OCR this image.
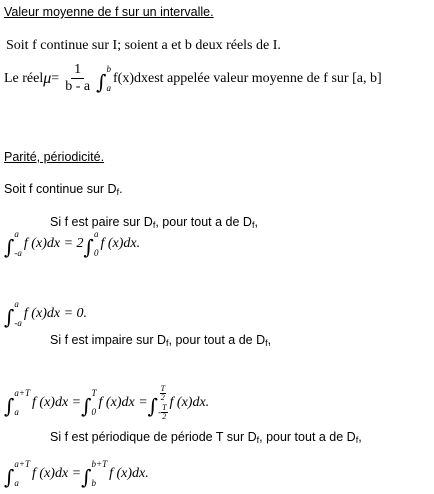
Valeur moyenne de f sur un intervalle.
Soit f continue sur I; soient a et b deux réels de I.
Le réel $\mu = \frac{1}{b - a}$ ∫
b
a
f(x)dx est appelée valeur moyenne de f sur [a, b]
Parité, périodicité.
Soit f continue sur $D_f$.
Si f est paire sur $D_f$, pour tout a de $D_f$,
∫
a
-a
f (x)dx = 2 ∫
a
0
f (x)dx.
∫
a
-a
f (x)dx = 0.
Si f est impaire sur $D_f$, pour tout a de $D_f$,
∫
a+T
a
f (x)dx = ∫
T
0
f (x)dx = ∫
$\frac{T}{2}$
- $\frac{T}{2}$
f (x)dx.
Si f est périodique de période T sur $D_f$, pour tout a de $D_f$,
∫
a+T
a
f (x)dx = ∫
b+T
b
f (x)dx.
